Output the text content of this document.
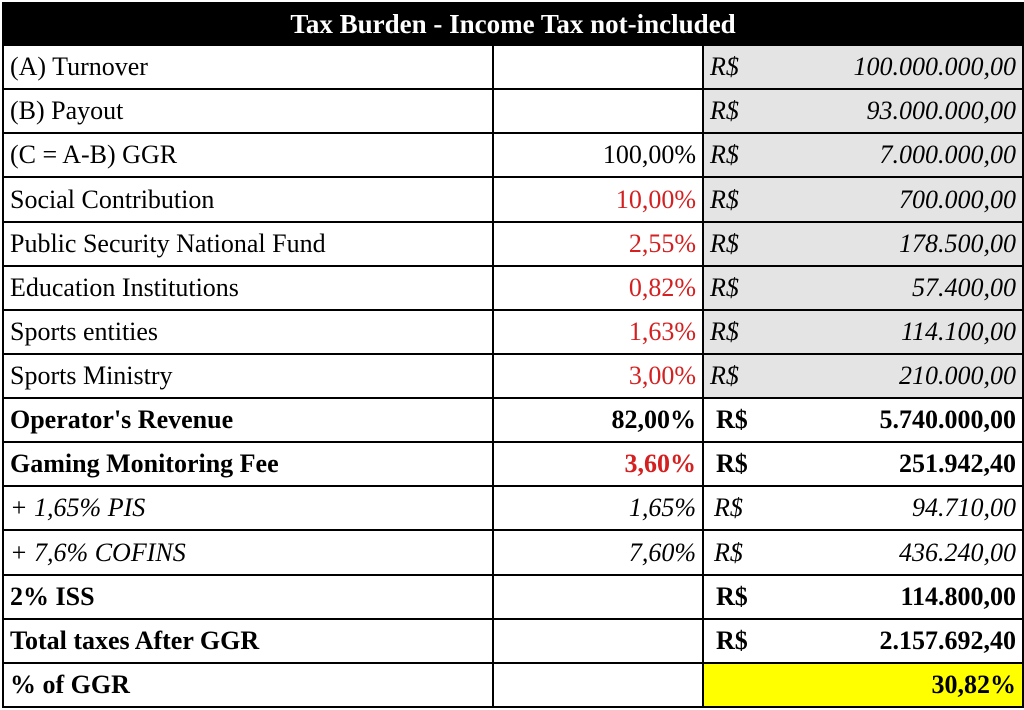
Tax Burden - Income Tax not-included			
(A) Turnover		R$	100.000.000,00
(B) Payout		R$	93.000.000,00
(C = A-B) GGR	100,00%	R$	7.000.000,00
Social Contribution	10,00%	R$	700.000,00
Public Security National Fund	2,55%	R$	178.500,00
Education Institutions	0,82%	R$	57.400,00
Sports entities	1,63%	R$	114.100,00
Sports Ministry	3,00%	R$	210.000,00
Operator's Revenue	82,00%	R$	5.740.000,00
Gaming Monitoring Fee	3,60%	R$	251.942,40
+ 1,65% PIS	1,65%	R$	94.710,00
+ 7,6% COFINS	7,60%	R$	436.240,00
2% ISS		R$	114.800,00
Total taxes After GGR		R$	2.157.692,40
% of GGR		30,82%	
